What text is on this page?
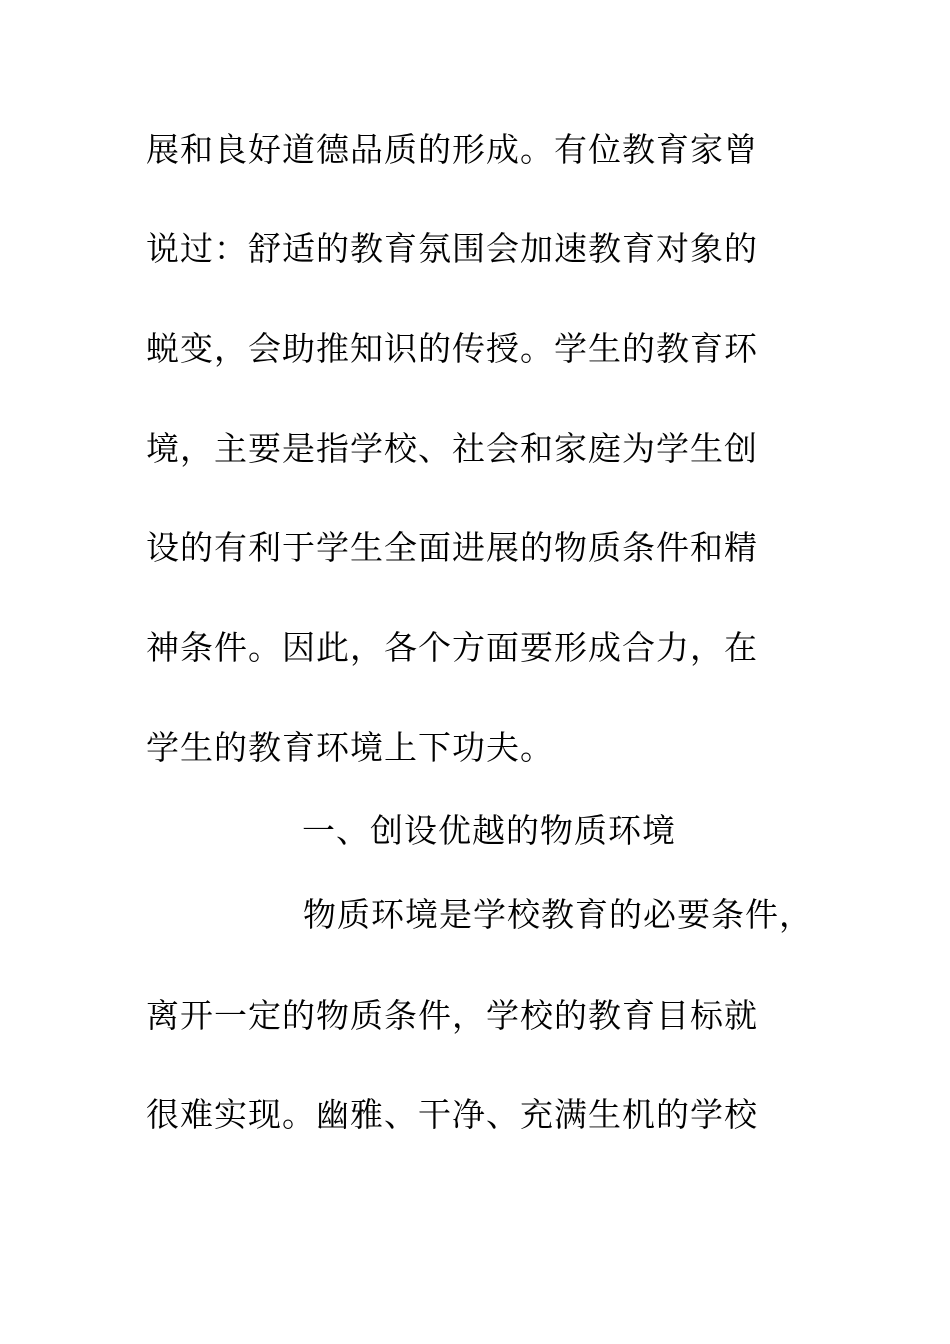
展和良好道德品质的形成。有位教育家曾
说过：舒适的教育氛围会加速教育对象的
蜕变，会助推知识的传授。学生的教育环
境，主要是指学校、社会和家庭为学生创
设的有利于学生全面进展的物质条件和精
神条件。因此，各个方面要形成合力，在
学生的教育环境上下功夫。
一、创设优越的物质环境
物质环境是学校教育的必要条件，
离开一定的物质条件，学校的教育目标就
很难实现。幽雅、干净、充满生机的学校
